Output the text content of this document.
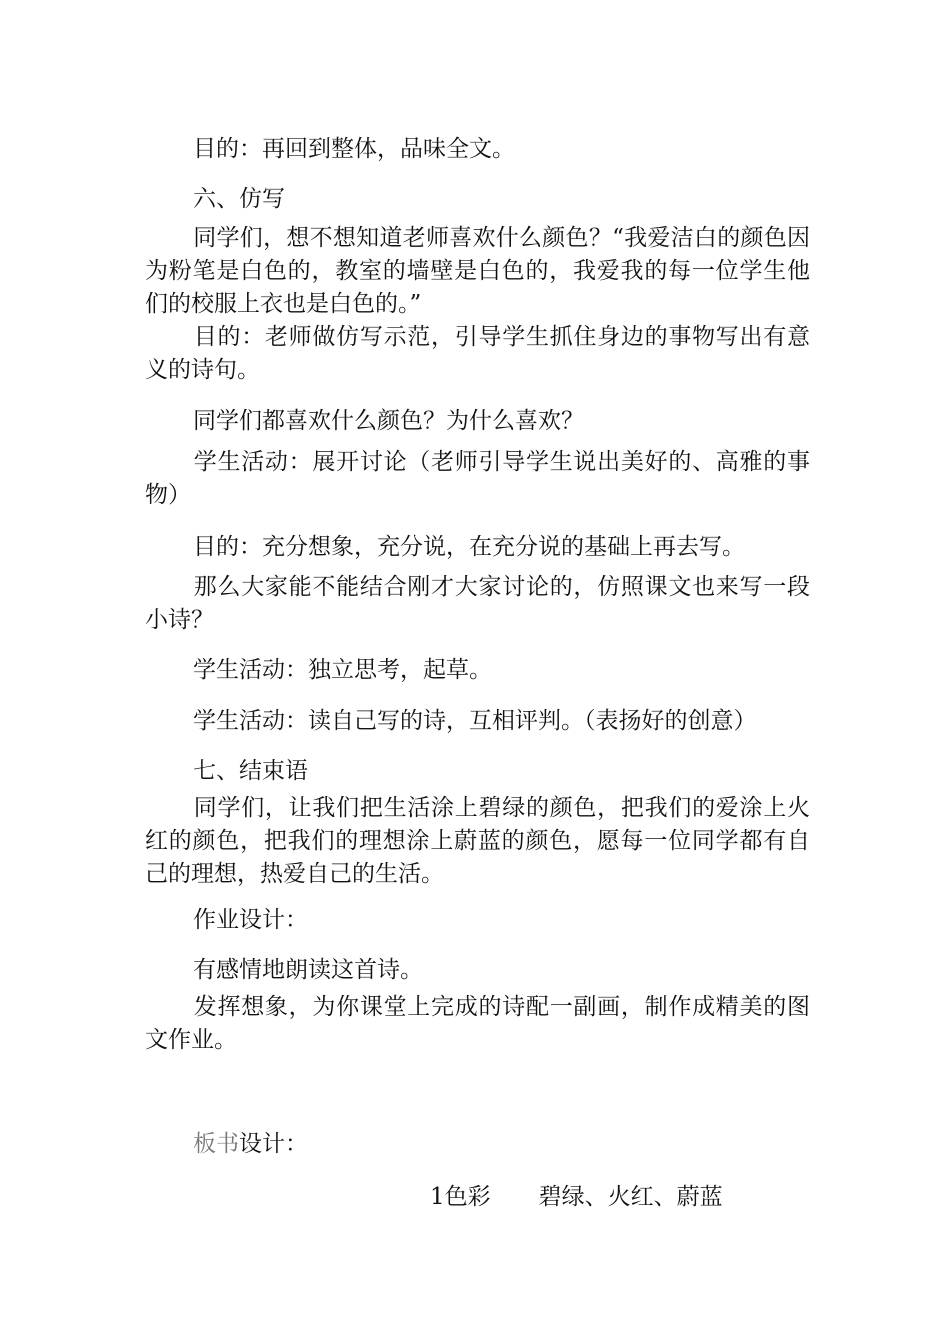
目的：再回到整体，品味全文。

六、仿写

同学们，想不想知道老师喜欢什么颜色？“我爱洁白的颜色因为粉笔是白色的，教室的墙壁是白色的，我爱我的每一位学生他们的校服上衣也是白色的。”

目的：老师做仿写示范，引导学生抓住身边的事物写出有意义的诗句。

同学们都喜欢什么颜色？为什么喜欢？

学生活动：展开讨论（老师引导学生说出美好的、高雅的事物）

目的：充分想象，充分说，在充分说的基础上再去写。

那么大家能不能结合刚才大家讨论的，仿照课文也来写一段小诗？

学生活动：独立思考，起草。

学生活动：读自己写的诗，互相评判。（表扬好的创意）

七、结束语

同学们，让我们把生活涂上碧绿的颜色，把我们的爱涂上火红的颜色，把我们的理想涂上蔚蓝的颜色，愿每一位同学都有自己的理想，热爱自己的生活。

作业设计：

有感情地朗读这首诗。

发挥想象，为你课堂上完成的诗配一副画，制作成精美的图文作业。

板书设计：

1色彩 碧绿、火红、蔚蓝
